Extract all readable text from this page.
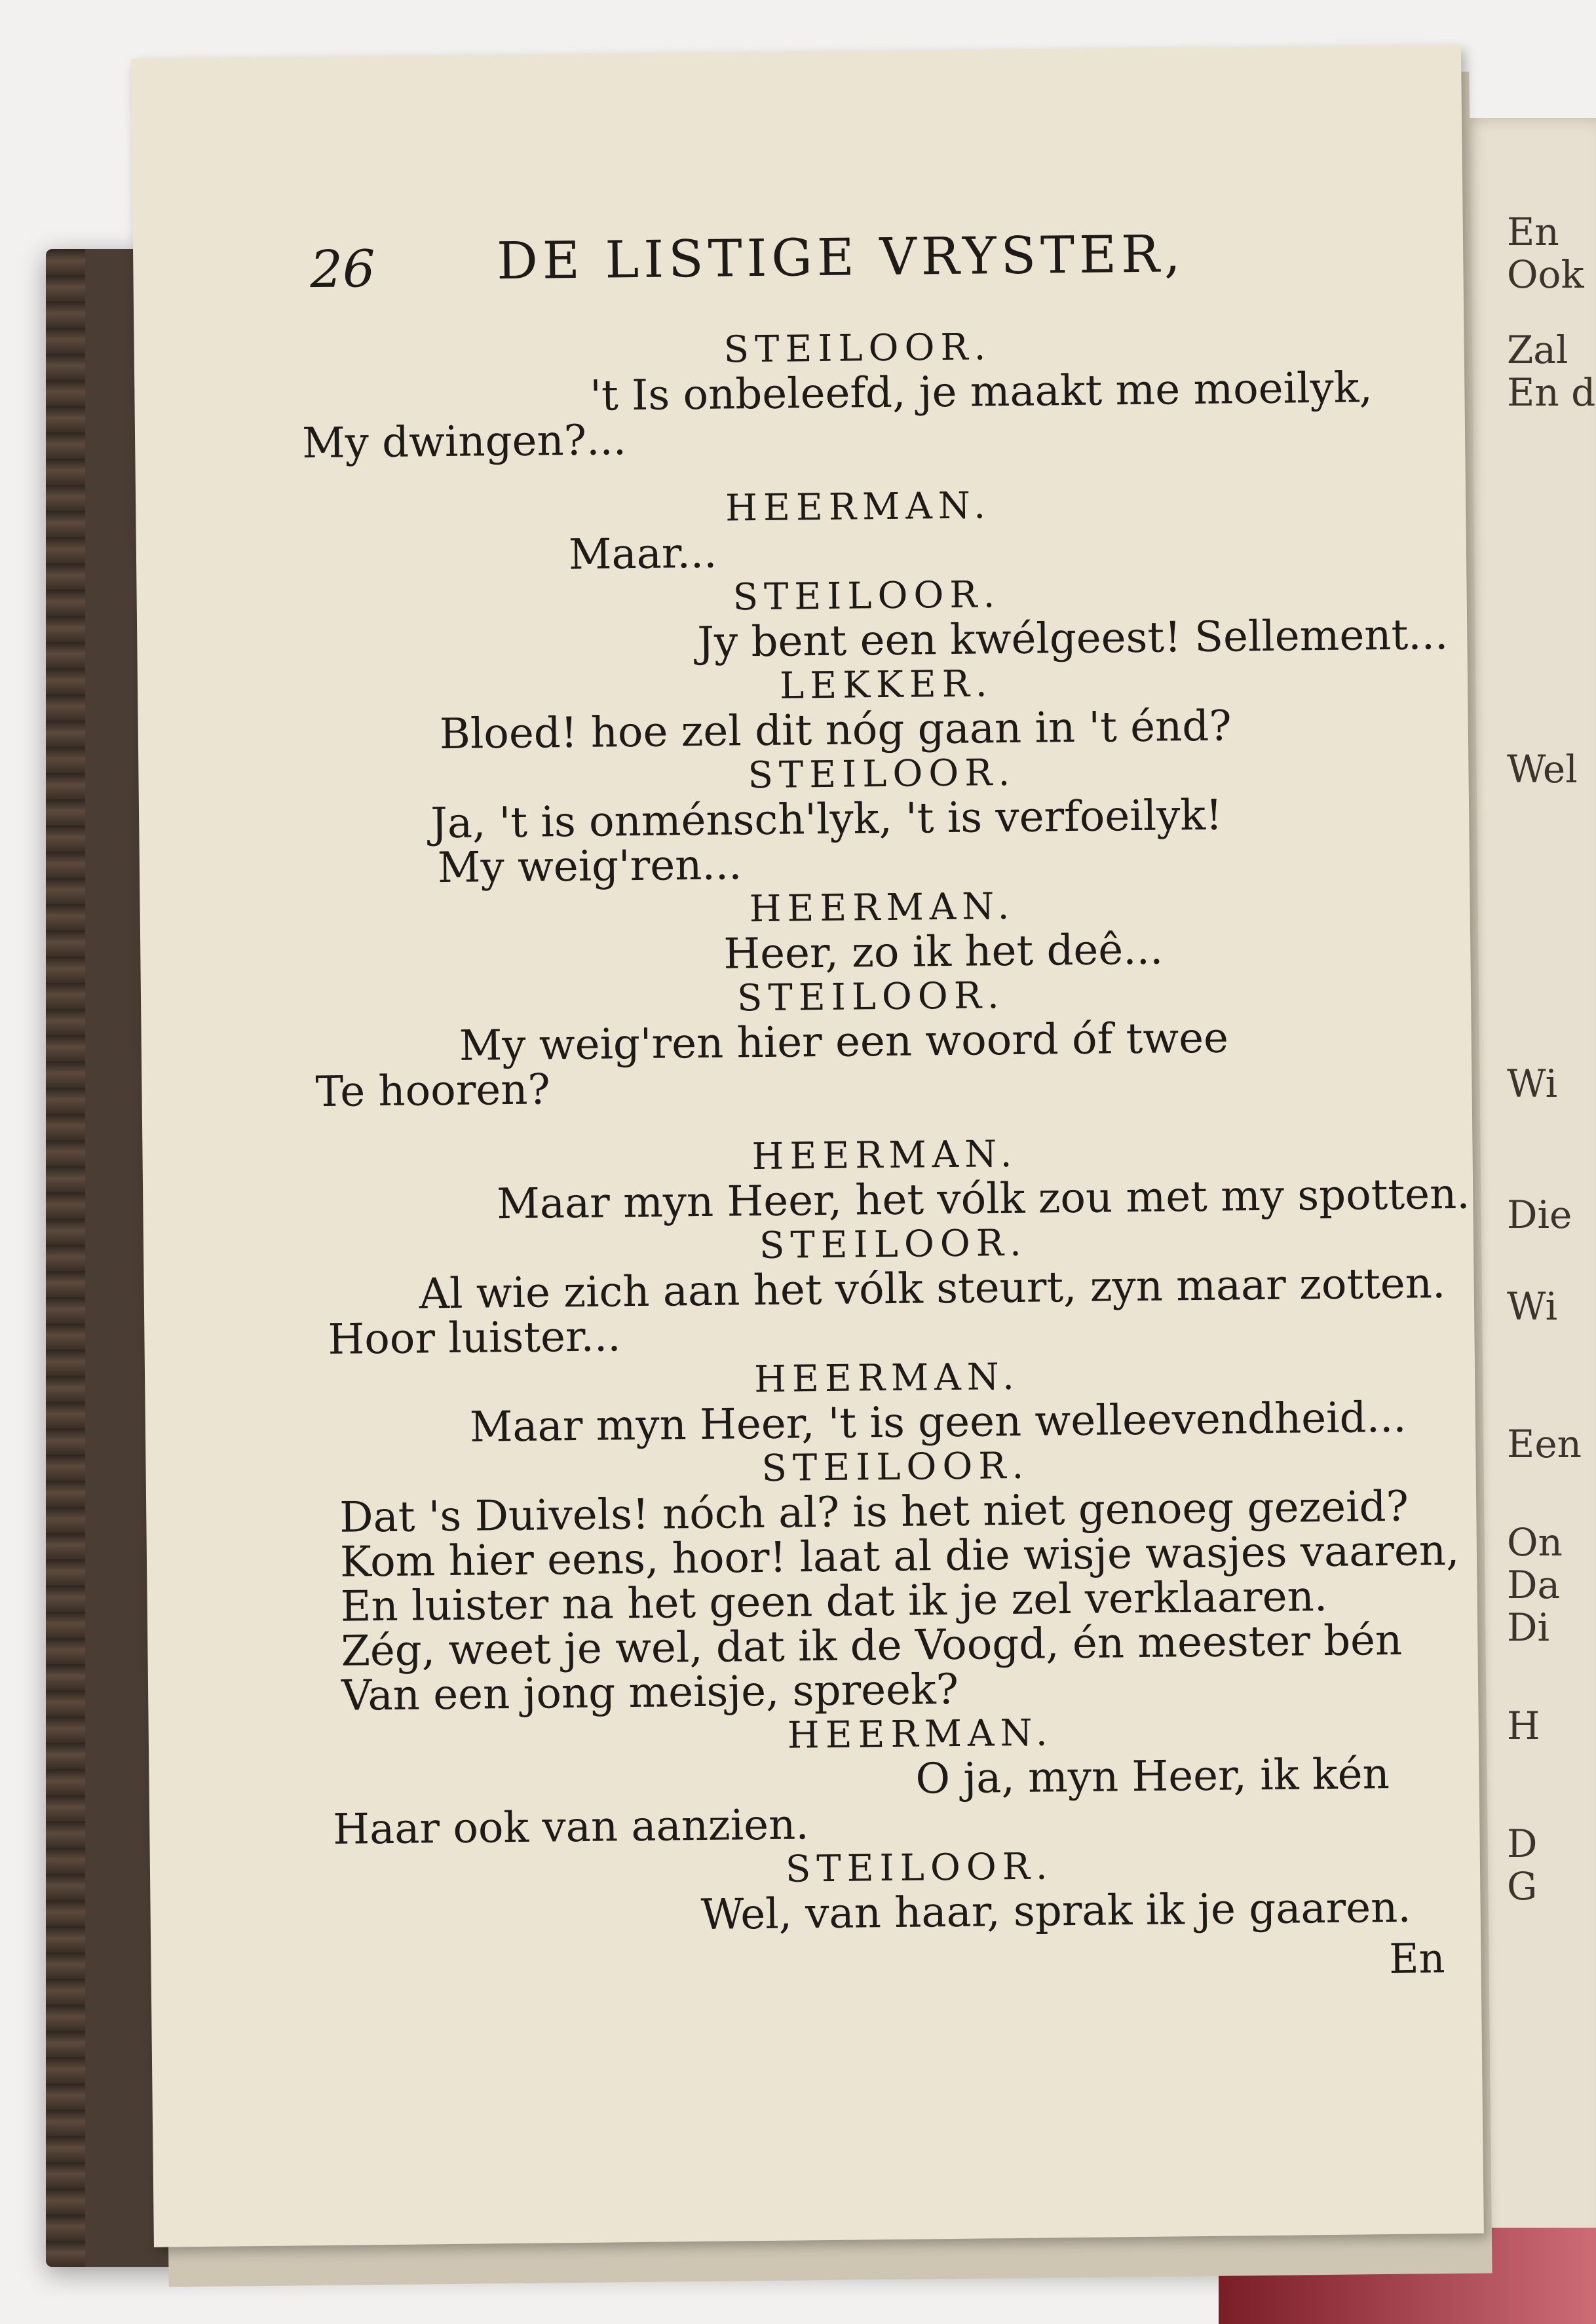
En
Ook
Zal
En d
Wel
Wi
Die
Wi
Een
On
Da
Di
H
D
G
26 DE LISTIGE VRYSTER,
STEILOOR.
't Is onbeleefd, je maakt me moeilyk,
My dwingen?...
HEERMAN.
Maar...
STEILOOR.
Jy bent een kwélgeest! Sellement...
LEKKER.
Bloed! hoe zel dit nóg gaan in 't énd?
STEILOOR.
Ja, 't is onménsch'lyk, 't is verfoeilyk!
My weig'ren...
HEERMAN.
Heer, zo ik het deê...
STEILOOR.
My weig'ren hier een woord óf twee
Te hooren?
HEERMAN.
Maar myn Heer, het vólk zou met my spotten.
STEILOOR.
Al wie zich aan het vólk steurt, zyn maar zotten.
Hoor luister...
HEERMAN.
Maar myn Heer, 't is geen welleevendheid...
STEILOOR.
Dat 's Duivels! nóch al? is het niet genoeg gezeid?
Kom hier eens, hoor! laat al die wisje wasjes vaaren,
En luister na het geen dat ik je zel verklaaren.
Zég, weet je wel, dat ik de Voogd, én meester bén
Van een jong meisje, spreek?
HEERMAN.
O ja, myn Heer, ik kén
Haar ook van aanzien.
STEILOOR.
Wel, van haar, sprak ik je gaaren.
En
